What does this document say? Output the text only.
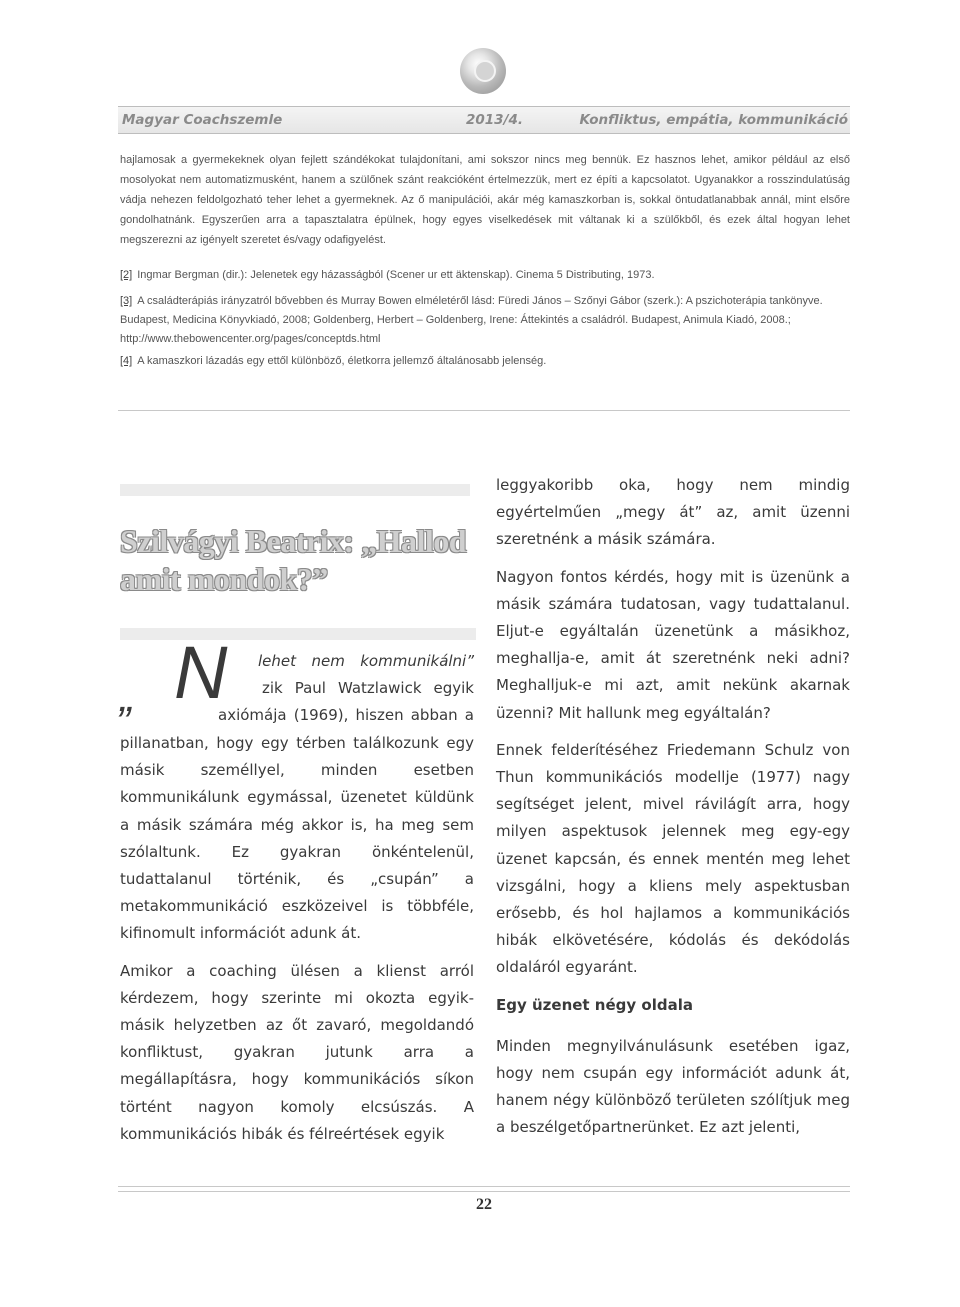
Magyar Coachszemle	2013/4.	Konfliktus, empátia, kommunikáció

hajlamosak a gyermekeknek olyan fejlett szándékokat tulajdonítani, ami sokszor nincs meg bennük. Ez hasznos lehet, amikor például az első mosolyokat nem automatizmusként, hanem a szülőnek szánt reakcióként értelmezzük, mert ez építi a kapcsolatot. Ugyanakkor a rosszindulatúság vádja nehezen feldolgozható teher lehet a gyermeknek. Az ő manipulációi, akár még kamaszkorban is, sokkal öntudatlanabbak annál, mint elsőre gondolhatnánk. Egyszerűen arra a tapasztalatra épülnek, hogy egyes viselkedések mit váltanak ki a szülőkből, és ezek által hogyan lehet megszerezni az igényelt szeretet és/vagy odafigyelést.

[2] Ingmar Bergman (dir.): Jelenetek egy házasságból (Scener ur ett äktenskap). Cinema 5 Distributing, 1973.
[3] A családterápiás irányzatról bővebben és Murray Bowen elméletéről lásd: Füredi János – Szőnyi Gábor (szerk.): A pszichoterápia tankönyve. Budapest, Medicina Könyvkiadó, 2008; Goldenberg, Herbert – Goldenberg, Irene: Áttekintés a családról. Budapest, Animula Kiadó, 2008.; http://www.thebowencenter.org/pages/conceptds.html
[4] A kamaszkori lázadás egy ettől különböző, életkorra jellemző általánosabb jelenség.
Szilvágyi Beatrix: „Hallod amit mondok?”
„ N lehet nem kommunikálni”
zik Paul Watzlawick egyik
axiómája (1969), hiszen abban a

pillanatban, hogy egy térben találkozunk egy másik személlyel, minden esetben kommunikálunk egymással, üzenetet küldünk a másik számára még akkor is, ha meg sem szólaltunk. Ez gyakran önkéntelenül, tudattalanul történik, és „csupán” a metakommunikáció eszközeivel is többféle, kifinomult információt adunk át.

Amikor a coaching ülésen a klienst arról kérdezem, hogy szerinte mi okozta egyik-másik helyzetben az őt zavaró, megoldandó konfliktust, gyakran jutunk arra a megállapításra, hogy kommunikációs síkon történt nagyon komoly elcsúszás. A kommunikációs hibák és félreértések egyik

leggyakoribb oka, hogy nem mindig egyértelműen „megy át” az, amit üzenni szeretnénk a másik számára.

Nagyon fontos kérdés, hogy mit is üzenünk a másik számára tudatosan, vagy tudattalanul. Eljut-e egyáltalán üzenetünk a másikhoz, meghallja-e, amit át szeretnénk neki adni? Meghalljuk-e mi azt, amit nekünk akarnak üzenni? Mit hallunk meg egyáltalán?

Ennek felderítéséhez Friedemann Schulz von Thun kommunikációs modellje (1977) nagy segítséget jelent, mivel rávilágít arra, hogy milyen aspektusok jelennek meg egy-egy üzenet kapcsán, és ennek mentén meg lehet vizsgálni, hogy a kliens mely aspektusban erősebb, és hol hajlamos a kommunikációs hibák elkövetésére, kódolás és dekódolás oldaláról egyaránt.

Egy üzenet négy oldala

Minden megnyilvánulásunk esetében igaz, hogy nem csupán egy információt adunk át, hanem négy különböző területen szólítjuk meg a beszélgetőpartnerünket. Ez azt jelenti,

22
